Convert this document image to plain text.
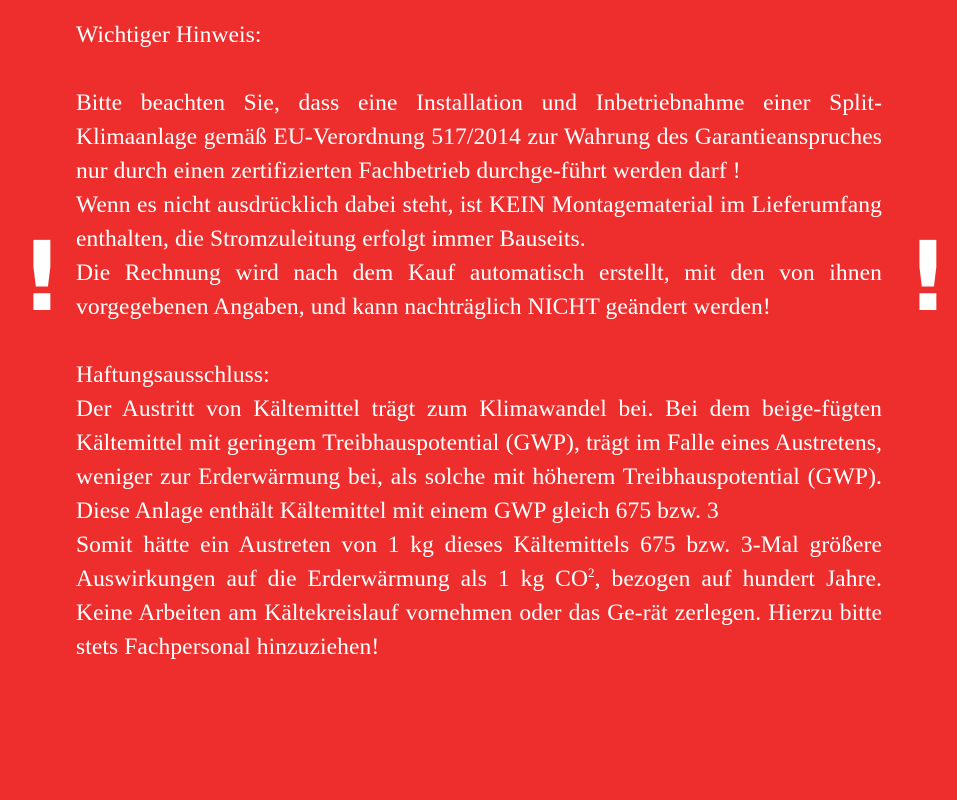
!	!

Wichtiger Hinweis:

Bitte beachten Sie, dass eine Installation und Inbetriebnahme einer Split-Klimaanlage gemäß EU-Verordnung 517/2014 zur Wahrung des Garantieanspruches nur durch einen zertifizierten Fachbetrieb durchge-führt werden darf !

Wenn es nicht ausdrücklich dabei steht, ist KEIN Montagematerial im Lieferumfang enthalten, die Stromzuleitung erfolgt immer Bauseits.

Die Rechnung wird nach dem Kauf automatisch erstellt, mit den von ihnen vorgegebenen Angaben, und kann nachträglich NICHT geändert werden!

Haftungsausschluss:

Der Austritt von Kältemittel trägt zum Klimawandel bei. Bei dem beige-fügten Kältemittel mit geringem Treibhauspotential (GWP), trägt im Falle eines Austretens, weniger zur Erderwärmung bei, als solche mit höherem Treibhauspotential (GWP). Diese Anlage enthält Kältemittel mit einem GWP gleich 675 bzw. 3

Somit hätte ein Austreten von 1 kg dieses Kältemittels 675 bzw. 3-Mal größere Auswirkungen auf die Erderwärmung als 1 kg $CO^2$, bezogen auf hundert Jahre. Keine Arbeiten am Kältekreislauf vornehmen oder das Ge-rät zerlegen. Hierzu bitte stets Fachpersonal hinzuziehen!
